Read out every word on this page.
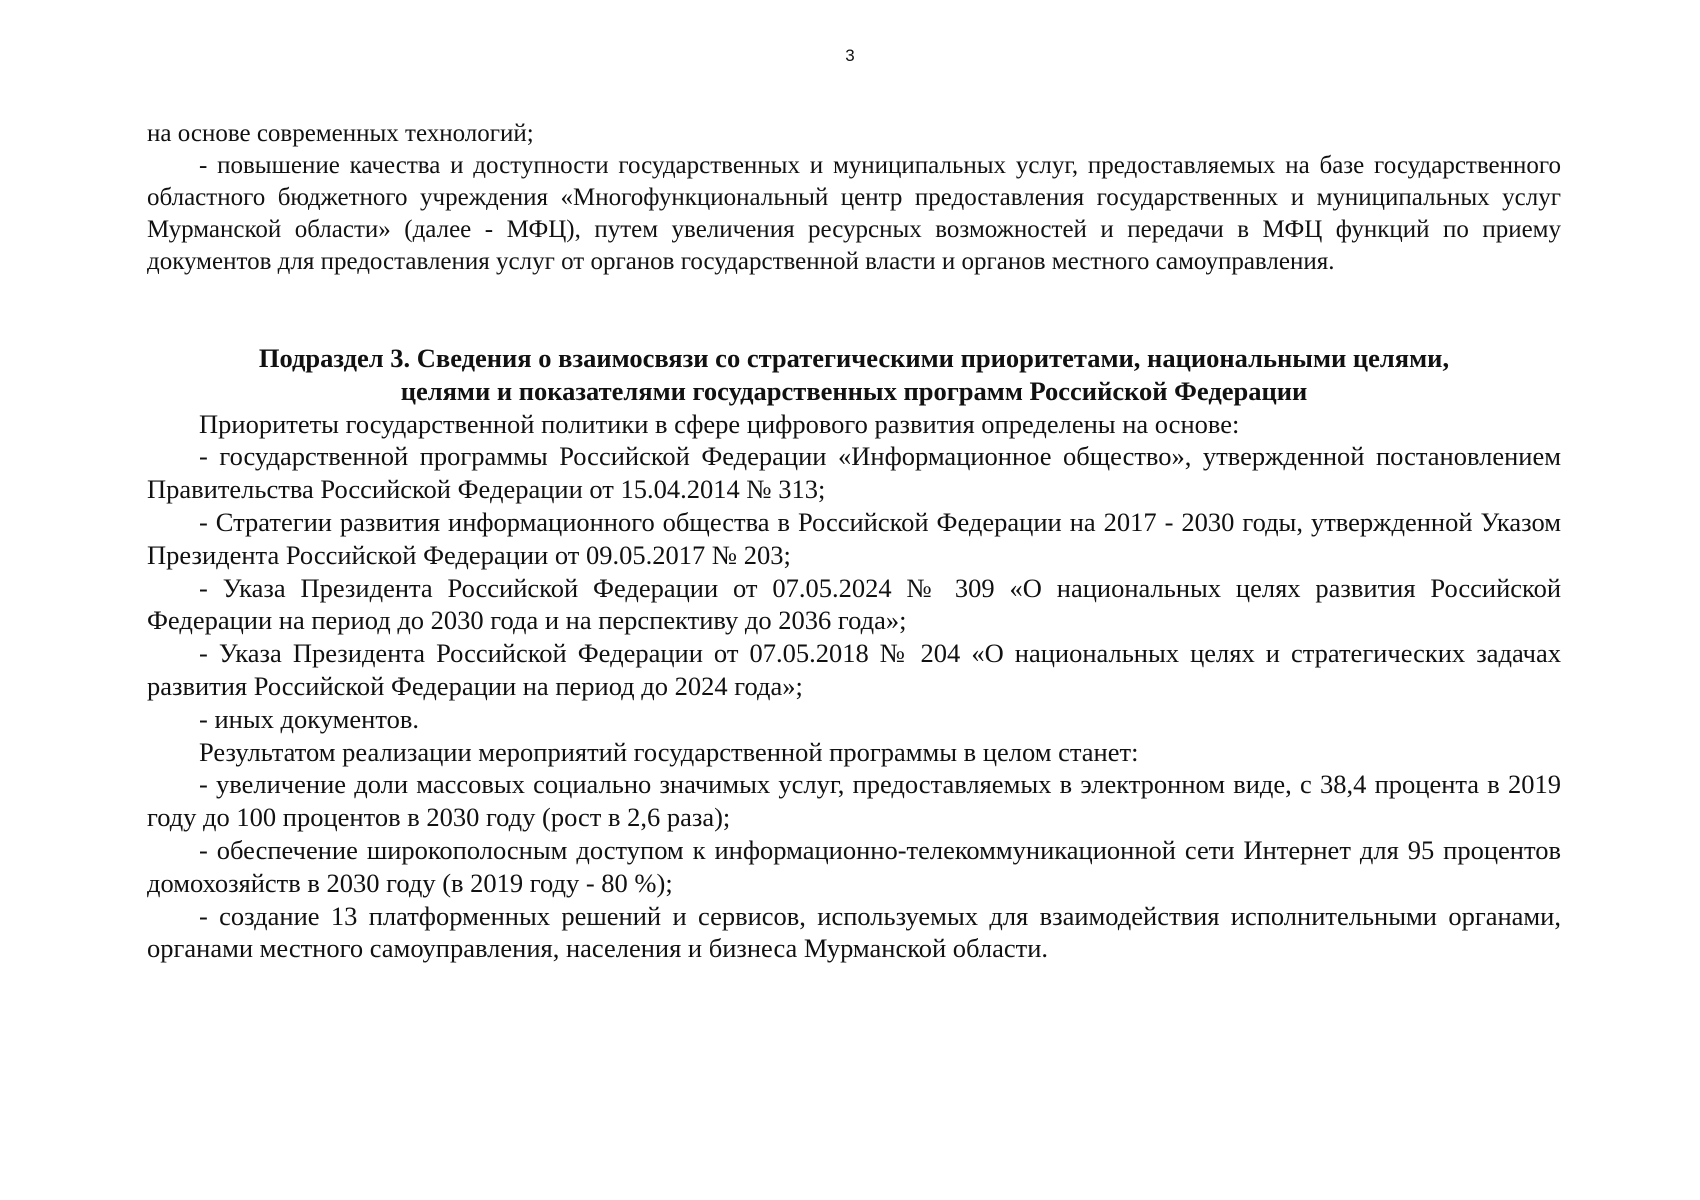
3

на основе современных технологий;

- повышение качества и доступности государственных и муниципальных услуг, предоставляемых на базе государственного областного бюджетного учреждения «Многофункциональный центр предоставления государственных и муниципальных услуг Мурманской области» (далее - МФЦ), путем увеличения ресурсных возможностей и передачи в МФЦ функций по приему документов для предоставления услуг от органов государственной власти и органов местного самоуправления.

Подраздел 3. Сведения о взаимосвязи со стратегическими приоритетами, национальными целями,
целями и показателями государственных программ Российской Федерации

Приоритеты государственной политики в сфере цифрового развития определены на основе:

- государственной программы Российской Федерации «Информационное общество», утвержденной постановлением Правительства Российской Федерации от 15.04.2014 № 313;

- Стратегии развития информационного общества в Российской Федерации на 2017 - 2030 годы, утвержденной Указом Президента Российской Федерации от 09.05.2017 № 203;

- Указа Президента Российской Федерации от 07.05.2024 № 309 «О национальных целях развития Российской Федерации на период до 2030 года и на перспективу до 2036 года»;

- Указа Президента Российской Федерации от 07.05.2018 № 204 «О национальных целях и стратегических задачах развития Российской Федерации на период до 2024 года»;

- иных документов.

Результатом реализации мероприятий государственной программы в целом станет:

- увеличение доли массовых социально значимых услуг, предоставляемых в электронном виде, с 38,4 процента в 2019 году до 100 процентов в 2030 году (рост в 2,6 раза);

- обеспечение широкополосным доступом к информационно-телекоммуникационной сети Интернет для 95 процентов домохозяйств в 2030 году (в 2019 году - 80 %);

- создание 13 платформенных решений и сервисов, используемых для взаимодействия исполнительными органами, органами местного самоуправления, населения и бизнеса Мурманской области.
